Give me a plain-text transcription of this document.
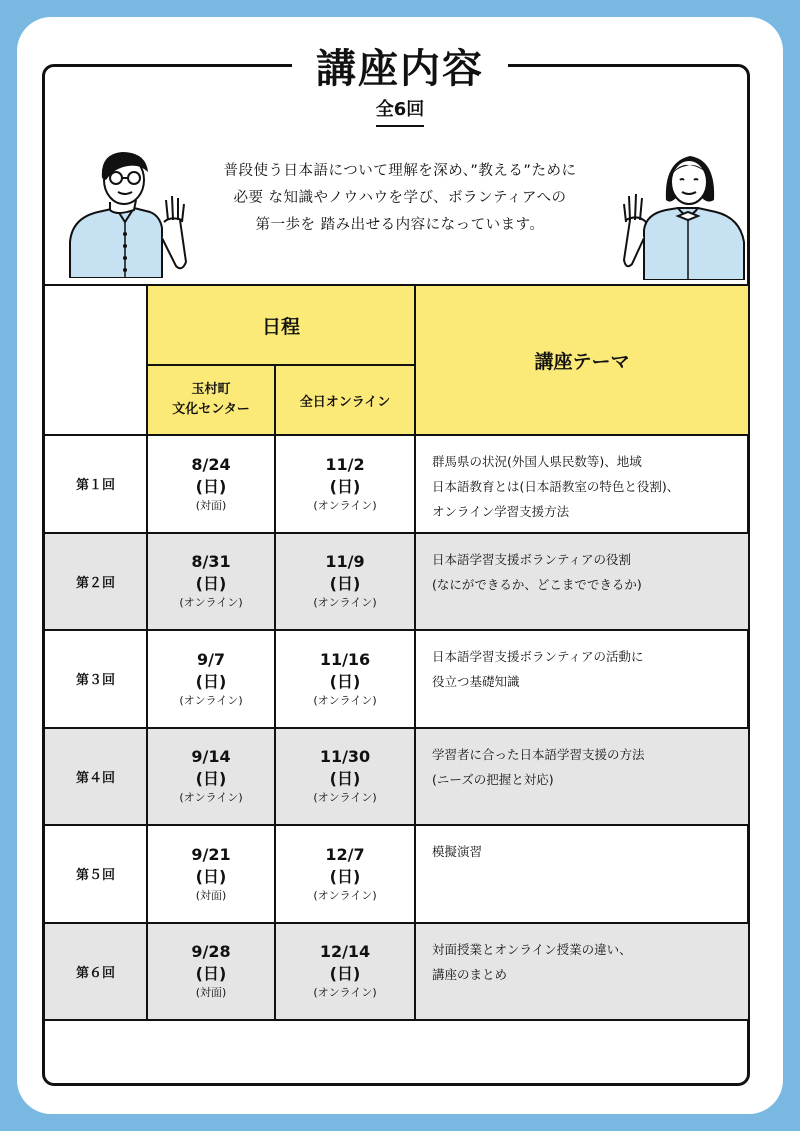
講座内容
全6回
普段使う日本語について理解を深め、”教える”ために
必要 な知識やノウハウを学び、ボランティアへの
第一歩を 踏み出せる内容になっています。
日程
玉村町
文化センター	全日オンライン
講座テーマ
第１回
8/24
(日)
(対面)
11/2
(日)
(オンライン)
群馬県の状況(外国人県民数等)、地域
日本語教育とは(日本語教室の特色と役割)、
オンライン学習支援方法
第２回
8/31
(日)
(オンライン)
11/9
(日)
(オンライン)
日本語学習支援ボランティアの役割
(なにができるか、どこまでできるか)
第３回
9/7
(日)
(オンライン)
11/16
(日)
(オンライン)
日本語学習支援ボランティアの活動に
役立つ基礎知識
第４回
9/14
(日)
(オンライン)
11/30
(日)
(オンライン)
学習者に合った日本語学習支援の方法
(ニーズの把握と対応)
第５回
9/21
(日)
(対面)
12/7
(日)
(オンライン)
模擬演習
第６回
9/28
(日)
(対面)
12/14
(日)
(オンライン)
対面授業とオンライン授業の違い、
講座のまとめ
